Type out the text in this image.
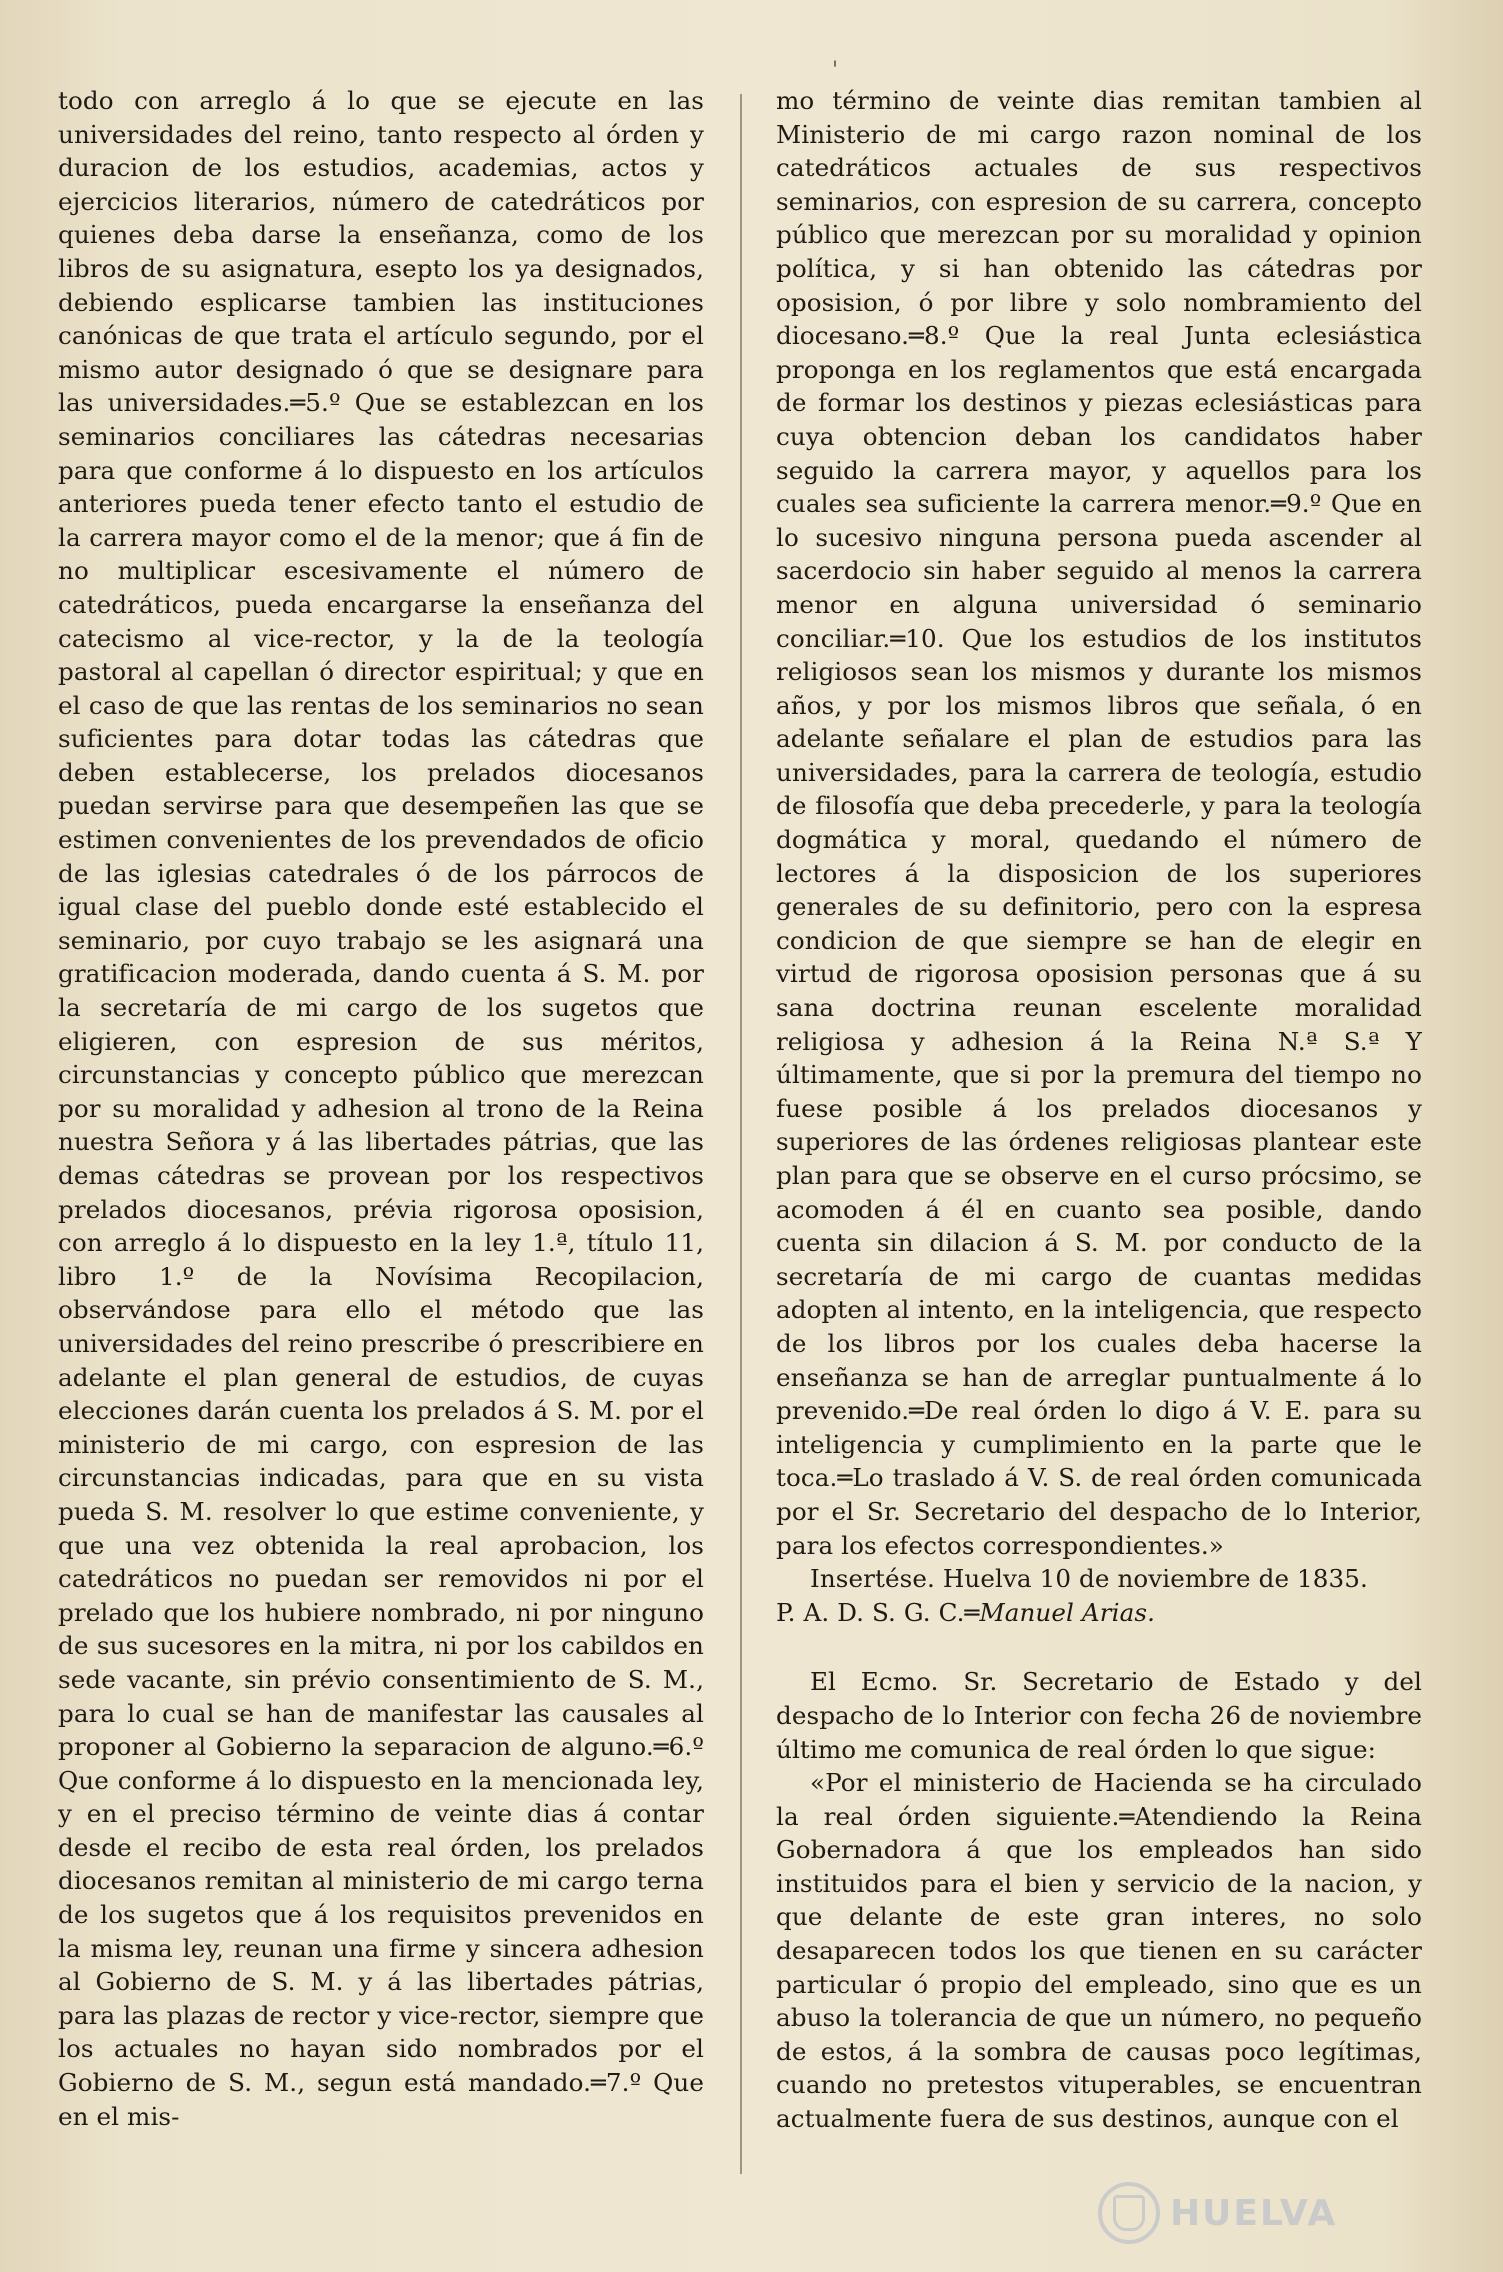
'

todo con arreglo á lo que se ejecute en las universidades del reino, tanto respecto al órden y duracion de los estudios, academias, actos y ejercicios literarios, número de catedráticos por quienes deba darse la enseñanza, como de los libros de su asignatura, esepto los ya designados, debiendo esplicarse tambien las instituciones canónicas de que trata el artículo segundo, por el mismo autor designado ó que se designare para las universidades.═5.º Que se establezcan en los seminarios conciliares las cátedras necesarias para que conforme á lo dispuesto en los artículos anteriores pueda tener efecto tanto el estudio de la carrera mayor como el de la menor; que á fin de no multiplicar escesivamente el número de catedráticos, pueda encargarse la enseñanza del catecismo al vice-rector, y la de la teología pastoral al capellan ó director espiritual; y que en el caso de que las rentas de los seminarios no sean suficientes para dotar todas las cátedras que deben establecerse, los prelados diocesanos puedan servirse para que desempeñen las que se estimen convenientes de los prevendados de oficio de las iglesias catedrales ó de los párrocos de igual clase del pueblo donde esté establecido el seminario, por cuyo trabajo se les asignará una gratificacion moderada, dando cuenta á S. M. por la secretaría de mi cargo de los sugetos que eligieren, con espresion de sus méritos, circunstancias y concepto público que merezcan por su moralidad y adhesion al trono de la Reina nuestra Señora y á las libertades pátrias, que las demas cátedras se provean por los respectivos prelados diocesanos, prévia rigorosa oposision, con arreglo á lo dispuesto en la ley 1.ª, título 11, libro 1.º de la Novísima Recopilacion, observándose para ello el método que las universidades del reino prescribe ó prescribiere en adelante el plan general de estudios, de cuyas elecciones darán cuenta los prelados á S. M. por el ministerio de mi cargo, con espresion de las circunstancias indicadas, para que en su vista pueda S. M. resolver lo que estime conveniente, y que una vez obtenida la real aprobacion, los catedráticos no puedan ser removidos ni por el prelado que los hubiere nombrado, ni por ninguno de sus sucesores en la mitra, ni por los cabildos en sede vacante, sin prévio consentimiento de S. M., para lo cual se han de manifestar las causales al proponer al Gobierno la separacion de alguno.═6.º Que conforme á lo dispuesto en la mencionada ley, y en el preciso término de veinte dias á contar desde el recibo de esta real órden, los prelados diocesanos remitan al ministerio de mi cargo terna de los sugetos que á los requisitos prevenidos en la misma ley, reunan una firme y sincera adhesion al Gobierno de S. M. y á las libertades pátrias, para las plazas de rector y vice-rector, siempre que los actuales no hayan sido nombrados por el Gobierno de S. M., segun está mandado.═7.º Que en el mis-

mo término de veinte dias remitan tambien al Ministerio de mi cargo razon nominal de los catedráticos actuales de sus respectivos seminarios, con espresion de su carrera, concepto público que merezcan por su moralidad y opinion política, y si han obtenido las cátedras por oposision, ó por libre y solo nombramiento del diocesano.═8.º Que la real Junta eclesiástica proponga en los reglamentos que está encargada de formar los destinos y piezas eclesiásticas para cuya obtencion deban los candidatos haber seguido la carrera mayor, y aquellos para los cuales sea suficiente la carrera menor.═9.º Que en lo sucesivo ninguna persona pueda ascender al sacerdocio sin haber seguido al menos la carrera menor en alguna universidad ó seminario conciliar.═10. Que los estudios de los institutos religiosos sean los mismos y durante los mismos años, y por los mismos libros que señala, ó en adelante señalare el plan de estudios para las universidades, para la carrera de teología, estudio de filosofía que deba precederle, y para la teología dogmática y moral, quedando el número de lectores á la disposicion de los superiores generales de su definitorio, pero con la espresa condicion de que siempre se han de elegir en virtud de rigorosa oposision personas que á su sana doctrina reunan escelente moralidad religiosa y adhesion á la Reina N.ª S.ª Y últimamente, que si por la premura del tiempo no fuese posible á los prelados diocesanos y superiores de las órdenes religiosas plantear este plan para que se observe en el curso prócsimo, se acomoden á él en cuanto sea posible, dando cuenta sin dilacion á S. M. por conducto de la secretaría de mi cargo de cuantas medidas adopten al intento, en la inteligencia, que respecto de los libros por los cuales deba hacerse la enseñanza se han de arreglar puntualmente á lo prevenido.═De real órden lo digo á V. E. para su inteligencia y cumplimiento en la parte que le toca.═Lo traslado á V. S. de real órden comunicada por el Sr. Secretario del despacho de lo Interior, para los efectos correspondientes.»

Insertése. Huelva 10 de noviembre de 1835.

P. A. D. S. G. C.═Manuel Arias.

El Ecmo. Sr. Secretario de Estado y del despacho de lo Interior con fecha 26 de noviembre último me comunica de real órden lo que sigue:

«Por el ministerio de Hacienda se ha circulado la real órden siguiente.═Atendiendo la Reina Gobernadora á que los empleados han sido instituidos para el bien y servicio de la nacion, y que delante de este gran interes, no solo desaparecen todos los que tienen en su carácter particular ó propio del empleado, sino que es un abuso la tolerancia de que un número, no pequeño de estos, á la sombra de causas poco legítimas, cuando no pretestos vituperables, se encuentran actualmente fuera de sus destinos, aunque con el

HUELVA
